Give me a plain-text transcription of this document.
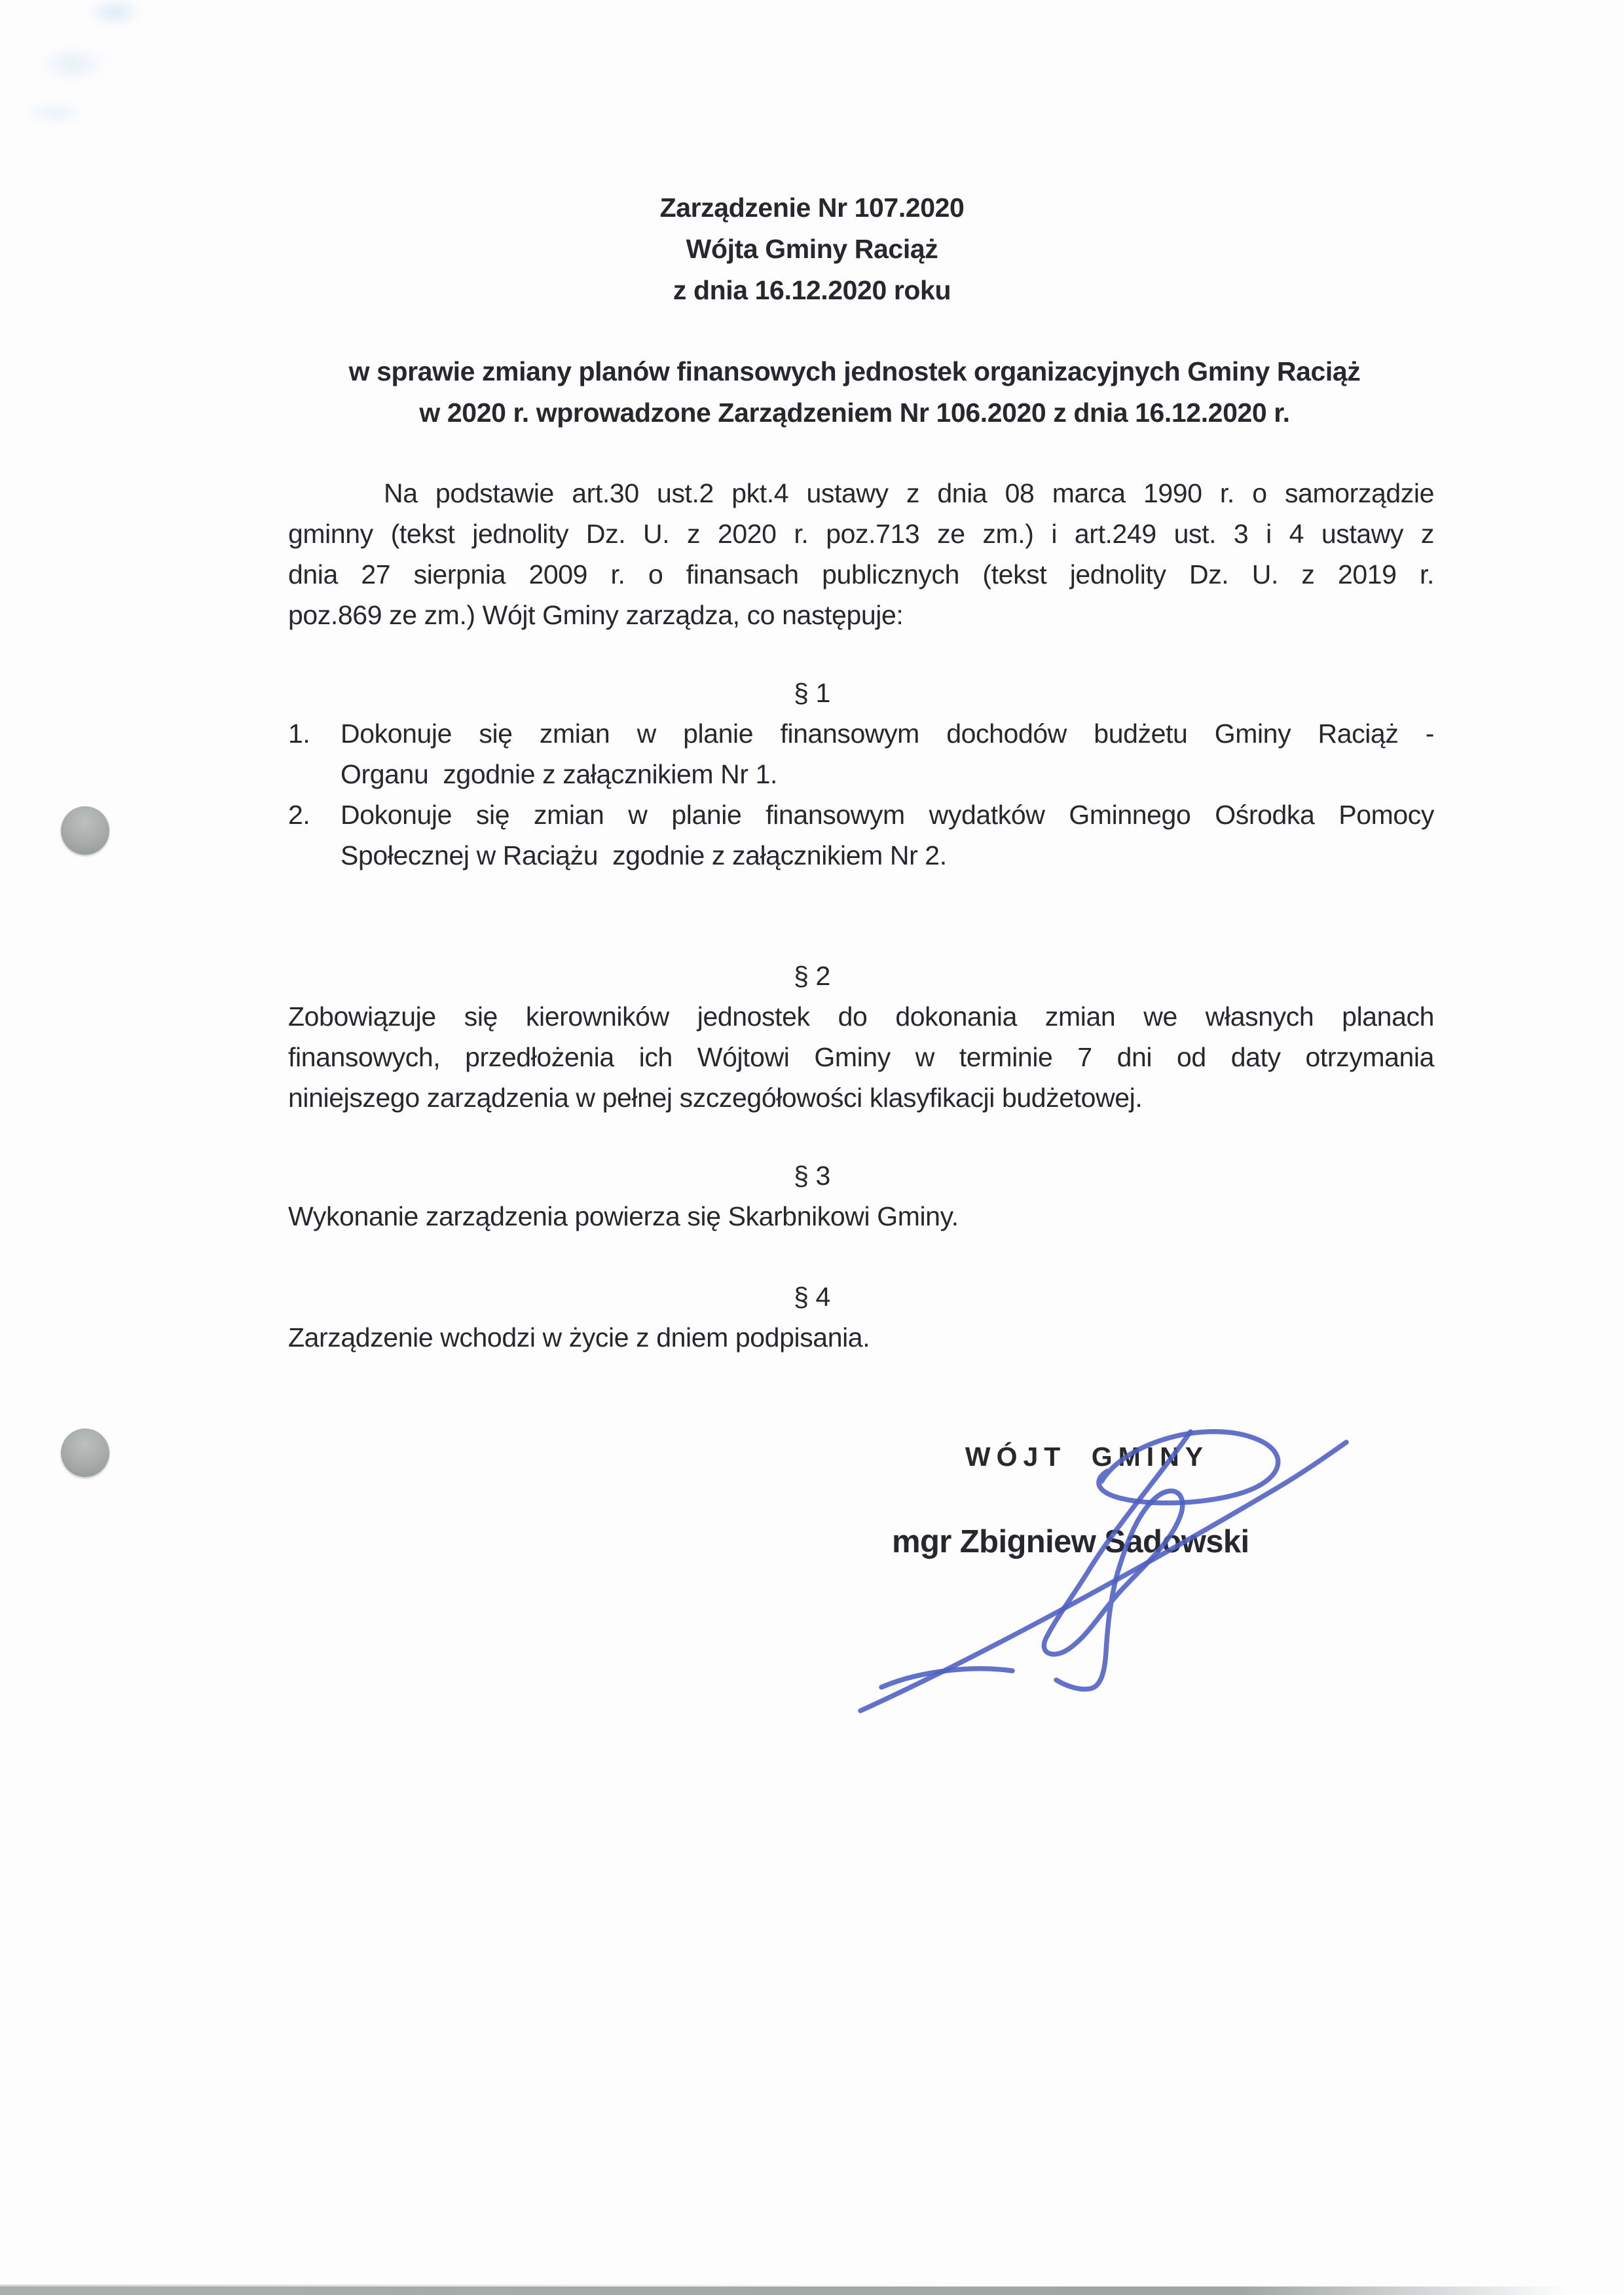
Zarządzenie Nr 107.2020
Wójta Gminy Raciąż
z dnia 16.12.2020 roku
w sprawie zmiany planów finansowych jednostek organizacyjnych Gminy Raciąż
w 2020 r. wprowadzone Zarządzeniem Nr 106.2020 z dnia 16.12.2020 r.
Na podstawie art.30 ust.2 pkt.4 ustawy z dnia 08 marca 1990 r. o samorządzie
gminny (tekst jednolity Dz. U. z 2020 r. poz.713 ze zm.) i art.249 ust. 3 i 4 ustawy z
dnia 27 sierpnia 2009 r. o finansach publicznych (tekst jednolity Dz. U. z 2019 r.
poz.869 ze zm.) Wójt Gminy zarządza, co następuje:
§ 1
1.	Dokonuje się zmian w planie finansowym dochodów budżetu Gminy Raciąż -
Organu  zgodnie z załącznikiem Nr 1.
2.	Dokonuje się zmian w planie finansowym wydatków Gminnego Ośrodka Pomocy
Społecznej w Raciążu  zgodnie z załącznikiem Nr 2.
§ 2
Zobowiązuje się kierowników jednostek do dokonania zmian we własnych planach
finansowych, przedłożenia ich Wójtowi Gminy w terminie 7 dni od daty otrzymania
niniejszego zarządzenia w pełnej szczegółowości klasyfikacji budżetowej.
§ 3
Wykonanie zarządzenia powierza się Skarbnikowi Gminy.
§ 4
Zarządzenie wchodzi w życie z dniem podpisania.
WÓJT GMINY
mgr Zbigniew Sadowski
